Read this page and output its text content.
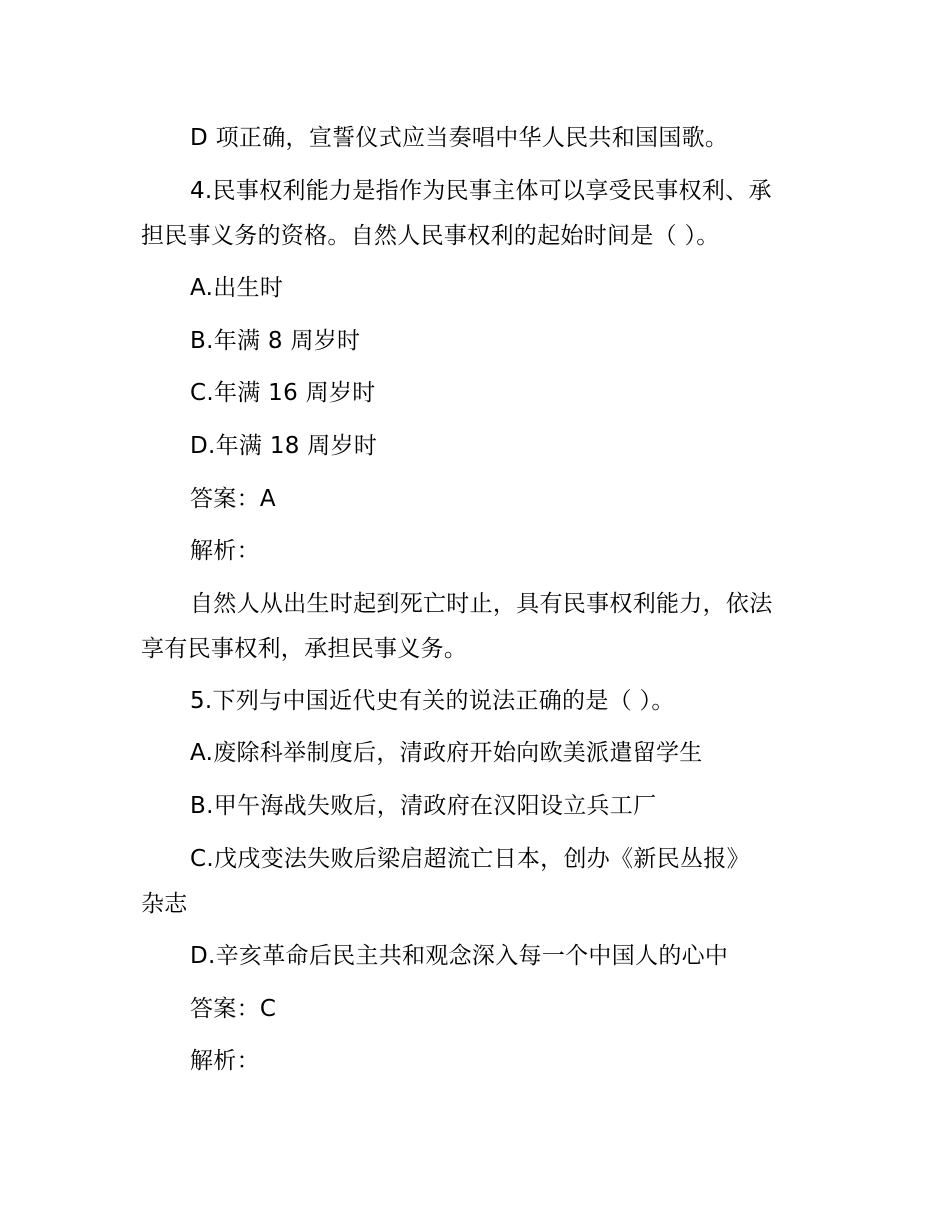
D 项正确，宣誓仪式应当奏唱中华人民共和国国歌。

4.民事权利能力是指作为民事主体可以享受民事权利、承

担民事义务的资格。自然人民事权利的起始时间是（ ）。

A.出生时

B.年满 8 周岁时

C.年满 16 周岁时

D.年满 18 周岁时

答案：A

解析：

自然人从出生时起到死亡时止，具有民事权利能力，依法

享有民事权利，承担民事义务。

5.下列与中国近代史有关的说法正确的是（ ）。

A.废除科举制度后，清政府开始向欧美派遣留学生

B.甲午海战失败后，清政府在汉阳设立兵工厂

C.戊戌变法失败后梁启超流亡日本，创办《新民丛报》

杂志

D.辛亥革命后民主共和观念深入每一个中国人的心中

答案：C

解析：
